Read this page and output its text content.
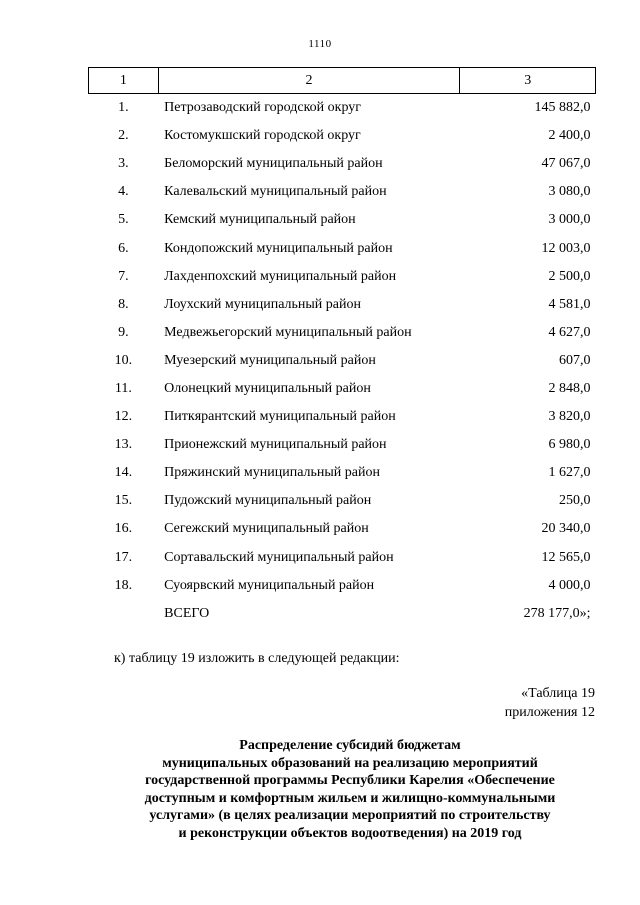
1110
1	2	3
1.	Петрозаводский городской округ	145 882,0
2.	Костомукшский городской округ	2 400,0
3.	Беломорский муниципальный район	47 067,0
4.	Калевальский муниципальный район	3 080,0
5.	Кемский муниципальный район	3 000,0
6.	Кондопожский муниципальный район	12 003,0
7.	Лахденпохский муниципальный район	2 500,0
8.	Лоухский муниципальный район	4 581,0
9.	Медвежьегорский муниципальный район	4 627,0
10.	Муезерский муниципальный район	607,0
11.	Олонецкий муниципальный район	2 848,0
12.	Питкярантский муниципальный район	3 820,0
13.	Прионежский муниципальный район	6 980,0
14.	Пряжинский муниципальный район	1 627,0
15.	Пудожский муниципальный район	250,0
16.	Сегежский муниципальный район	20 340,0
17.	Сортавальский муниципальный район	12 565,0
18.	Суоярвский муниципальный район	4 000,0
	ВСЕГО	278 177,0»;
к) таблицу 19 изложить в следующей редакции:
«Таблица 19
приложения 12
Распределение субсидий бюджетам
муниципальных образований на реализацию мероприятий
государственной программы Республики Карелия «Обеспечение
доступным и комфортным жильем и жилищно-коммунальными
услугами» (в целях реализации мероприятий по строительству
и реконструкции объектов водоотведения) на 2019 год
